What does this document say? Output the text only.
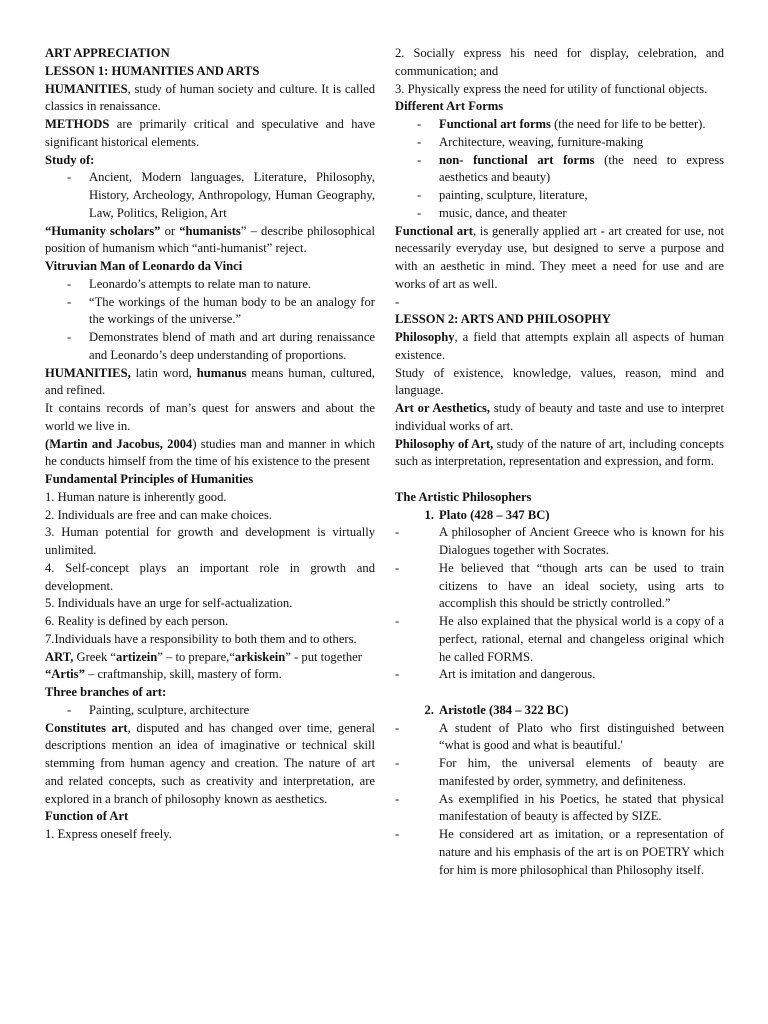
ART APPRECIATION

LESSON 1: HUMANITIES AND ARTS

HUMANITIES, study of human society and culture. It is called classics in renaissance.

METHODS are primarily critical and speculative and have significant historical elements.

Study of:

- Ancient, Modern languages, Literature, Philosophy, History, Archeology, Anthropology, Human Geography, Law, Politics, Religion, Art

“Humanity scholars” or “humanists” – describe philosophical position of humanism which “anti-humanist” reject.

Vitruvian Man of Leonardo da Vinci

- Leonardo’s attempts to relate man to nature.
- “The workings of the human body to be an analogy for the workings of the universe.”
- Demonstrates blend of math and art during renaissance and Leonardo’s deep understanding of proportions.

HUMANITIES, latin word, humanus means human, cultured, and refined.

It contains records of man’s quest for answers and about the world we live in.

(Martin and Jacobus, 2004) studies man and manner in which he conducts himself from the time of his existence to the present

Fundamental Principles of Humanities

1. Human nature is inherently good.

2. Individuals are free and can make choices.

3. Human potential for growth and development is virtually unlimited.

4. Self-concept plays an important role in growth and development.

5. Individuals have an urge for self-actualization.

6. Reality is defined by each person.

7.Individuals have a responsibility to both them and to others.

ART, Greek “artizein” – to prepare,“arkiskein” - put together

“Artis” – craftmanship, skill, mastery of form.

Three branches of art:

- Painting, sculpture, architecture

Constitutes art, disputed and has changed over time, general descriptions mention an idea of imaginative or technical skill stemming from human agency and creation. The nature of art and related concepts, such as creativity and interpretation, are explored in a branch of philosophy known as aesthetics.

Function of Art

1. Express oneself freely.

2. Socially express his need for display, celebration, and communication; and

3. Physically express the need for utility of functional objects.

Different Art Forms

- Functional art forms (the need for life to be better).
- Architecture, weaving, furniture-making
- non- functional art forms (the need to express aesthetics and beauty)
- painting, sculpture, literature,
- music, dance, and theater

Functional art, is generally applied art - art created for use, not necessarily everyday use, but designed to serve a purpose and with an aesthetic in mind. They meet a need for use and are works of art as well.

-

LESSON 2: ARTS AND PHILOSOPHY

Philosophy, a field that attempts explain all aspects of human existence.

Study of existence, knowledge, values, reason, mind and language.

Art or Aesthetics, study of beauty and taste and use to interpret individual works of art.

Philosophy of Art, study of the nature of art, including concepts such as interpretation, representation and expression, and form.

The Artistic Philosophers

1. Plato (428 – 347 BC)
- A philosopher of Ancient Greece who is known for his Dialogues together with Socrates.
- He believed that “though arts can be used to train citizens to have an ideal society, using arts to accomplish this should be strictly controlled.”
- He also explained that the physical world is a copy of a perfect, rational, eternal and changeless original which he called FORMS.
- Art is imitation and dangerous.
2. Aristotle (384 – 322 BC)
- A student of Plato who first distinguished between “what is good and what is beautiful.'
- For him, the universal elements of beauty are manifested by order, symmetry, and definiteness.
- As exemplified in his Poetics, he stated that physical manifestation of beauty is affected by SIZE.
- He considered art as imitation, or a representation of nature and his emphasis of the art is on POETRY which for him is more philosophical than Philosophy itself.
